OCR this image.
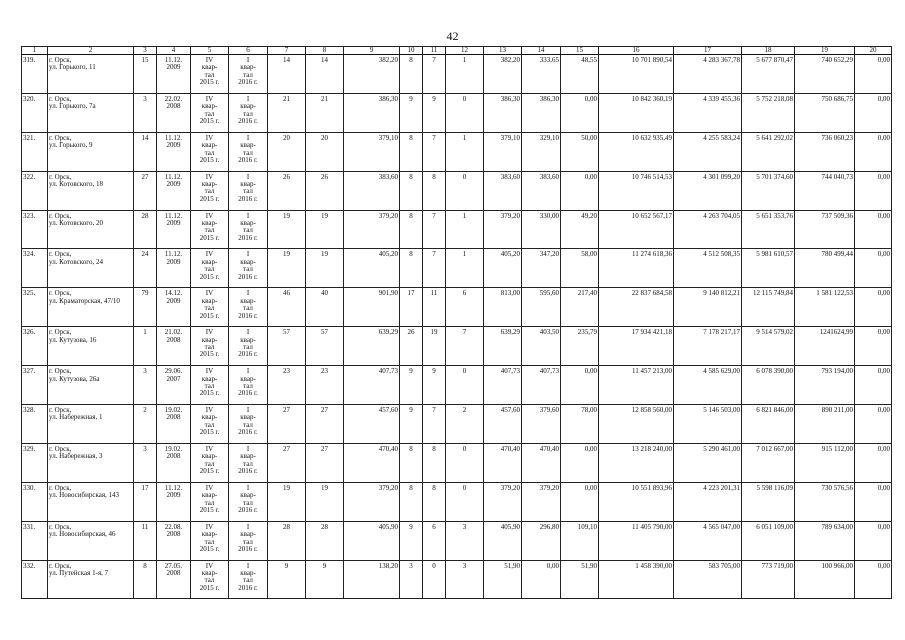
42
1	2	3	4	5	6	7	8	9	10	11	12	13	14	15	16	17	18	19	20
319.	г. Орск,
ул. Горького, 11	15	11.12.
2009	IV
квар-
тал
2015 г.	I
квар-
тал
2016 г.	14	14	382,20	8	7	1	382,20	333,65	48,55	10 701 890,54	4 283 367,78	5 677 870,47	740 652,29	0,00
320.	г. Орск,
ул. Горького, 7а	3	22.02.
2008	IV
квар-
тал
2015 г.	I
квар-
тал
2016 г.	21	21	386,30	9	9	0	386,30	386,30	0,00	10 842 360,19	4 339 455,36	5 752 218,08	750 686,75	0,00
321.	г. Орск,
ул. Горького, 9	14	11.12.
2009	IV
квар-
тал
2015 г.	I
квар-
тал
2016 г.	20	20	379,10	8	7	1	379,10	329,10	50,00	10 632 935,49	4 255 583,24	5 641 292,02	736 060,23	0,00
322.	г. Орск,
ул. Котовского, 18	27	11.12.
2009	IV
квар-
тал
2015 г.	I
квар-
тал
2016 г.	26	26	383,60	8	8	0	383,60	383,60	0,00	10 746 514,53	4 301 099,20	5 701 374,60	744 040,73	0,00
323.	г. Орск,
ул. Котовского, 20	28	11.12.
2009	IV
квар-
тал
2015 г.	I
квар-
тал
2016 г.	19	19	379,20	8	7	1	379,20	330,00	49,20	10 652 567,17	4 263 704,05	5 651 353,76	737 509,36	0,00
324.	г. Орск,
ул. Котовского, 24	24	11.12.
2009	IV
квар-
тал
2015 г.	I
квар-
тал
2016 г.	19	19	405,20	8	7	1	405,20	347,20	58,00	11 274 618,36	4 512 508,35	5 981 610,57	780 499,44	0,00
325.	г. Орск,
ул. Краматорская, 47/10	79	14.12.
2009	IV
квар-
тал
2015 г.	I
квар-
тал
2016 г.	46	40	901,90	17	11	6	813,00	595,60	217,40	22 837 684,58	9 140 812,21	12 115 749,84	1 581 122,53	0,00
326.	г. Орск,
ул. Кутузова, 16	1	21.02.
2008	IV
квар-
тал
2015 г.	I
квар-
тал
2016 г.	57	57	639,29	26	19	7	639,29	403,50	235,79	17 934 421,18	7 178 217,17	9 514 579,02	1241624,99	0,00
327.	г. Орск,
ул. Кутузова, 26а	3	29.06.
2007	IV
квар-
тал
2015 г.	I
квар-
тал
2016 г.	23	23	407,73	9	9	0	407,73	407,73	0,00	11 457 213,00	4 585 629,00	6 078 390,00	793 194,00	0,00
328.	г. Орск,
ул. Набережная, 1	2	19.02.
2008	IV
квар-
тал
2015 г.	I
квар-
тал
2016 г.	27	27	457,60	9	7	2	457,60	379,60	78,00	12 858 560,00	5 146 503,00	6 821 846,00	890 211,00	0,00
329.	г. Орск,
ул. Набережная, 3	3	19.02.
2008	IV
квар-
тал
2015 г.	I
квар-
тал
2016 г.	27	27	470,40	8	8	0	470,40	470,40	0,00	13 218 240,00	5 290 461,00	7 012 667,00	915 112,00	0,00
330.	г. Орск,
ул. Новосибирская, 143	17	11.12.
2009	IV
квар-
тал
2015 г.	I
квар-
тал
2016 г.	19	19	379,20	8	8	0	379,20	379,20	0,00	10 551 893,96	4 223 201,31	5 598 116,09	730 576,56	0,00
331.	г. Орск,
ул. Новосибирская, 46	11	22.08.
2008	IV
квар-
тал
2015 г.	I
квар-
тал
2016 г.	28	28	405,90	9	6	3	405,90	296,80	109,10	11 405 790,00	4 565 047,00	6 051 109,00	789 634,00	0,00
332.	г. Орск,
ул. Путейская 1-я, 7	8	27.05.
2008	IV
квар-
тал
2015 г.	I
квар-
тал
2016 г.	9	9	138,20	3	0	3	51,90	0,00	51,90	1 458 390,00	583 705,00	773 719,00	100 966,00	0,00
